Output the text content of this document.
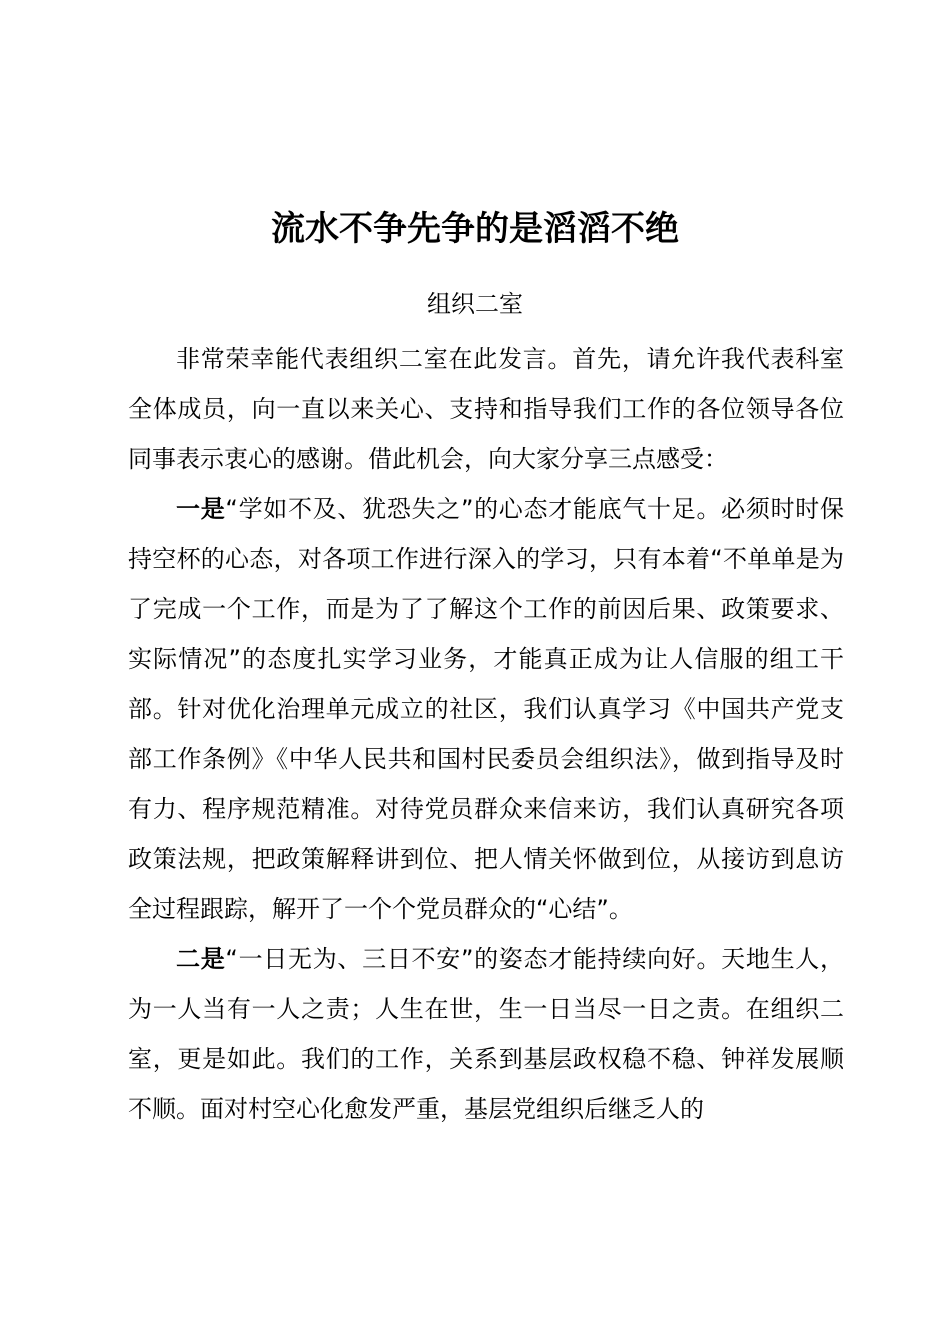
流水不争先争的是滔滔不绝
组织二室

非常荣幸能代表组织二室在此发言。首先，请允许我代表科室全体成员，向一直以来关心、支持和指导我们工作的各位领导各位同事表示衷心的感谢。借此机会，向大家分享三点感受：

一是“学如不及、犹恐失之”的心态才能底气十足。必须时时保持空杯的心态，对各项工作进行深入的学习，只有本着“不单单是为了完成一个工作，而是为了了解这个工作的前因后果、政策要求、实际情况”的态度扎实学习业务，才能真正成为让人信服的组工干部。针对优化治理单元成立的社区，我们认真学习《中国共产党支部工作条例》《中华人民共和国村民委员会组织法》，做到指导及时有力、程序规范精准。对待党员群众来信来访，我们认真研究各项政策法规，把政策解释讲到位、把人情关怀做到位，从接访到息访全过程跟踪，解开了一个个党员群众的“心结”。

二是“一日无为、三日不安”的姿态才能持续向好。天地生人，为一人当有一人之责；人生在世，生一日当尽一日之责。在组织二室，更是如此。我们的工作，关系到基层政权稳不稳、钟祥发展顺不顺。面对村空心化愈发严重，基层党组织后继乏人的
